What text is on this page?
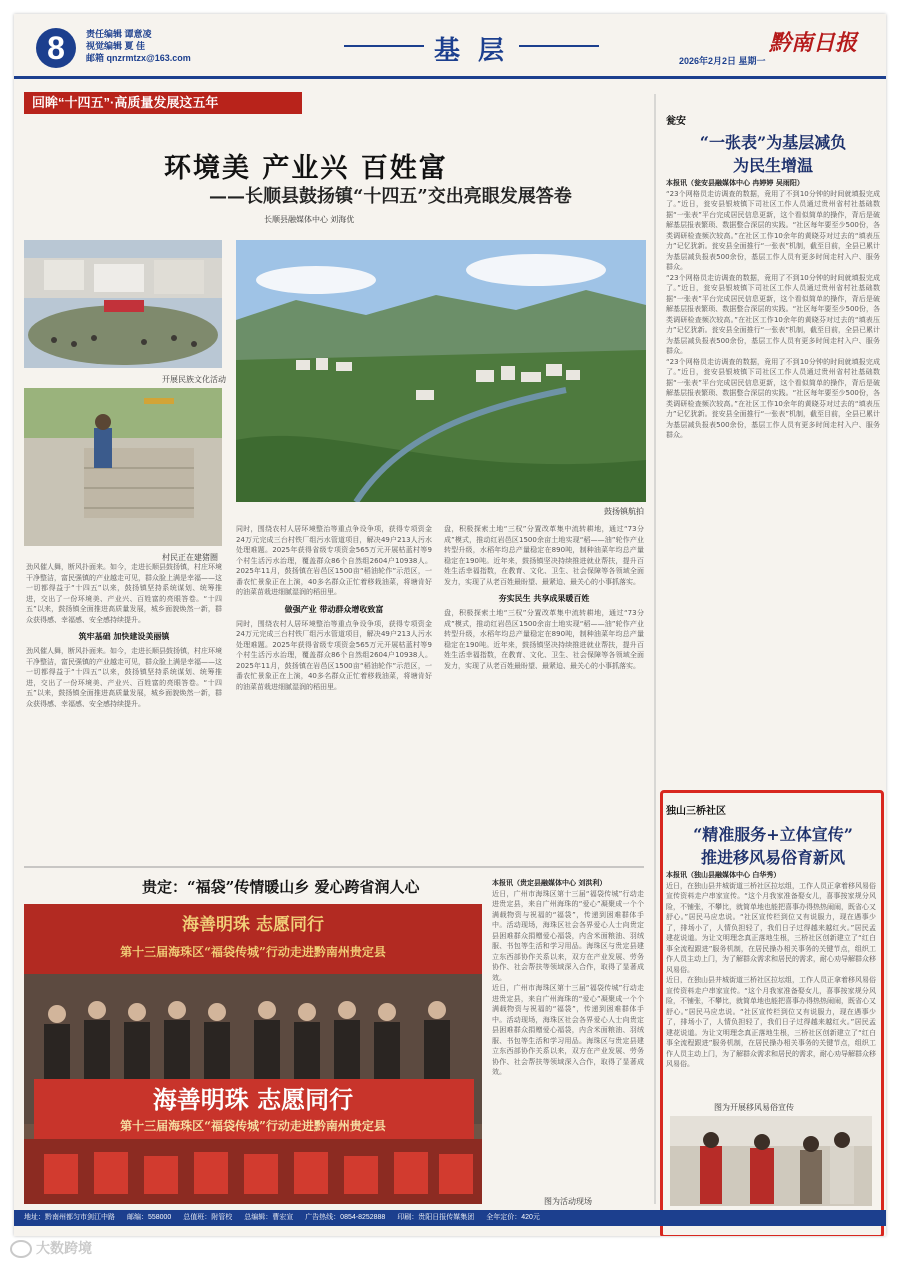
8	责任编辑 谭意凌
视觉编辑 夏 佳
邮箱 qnzrmtzx@163.com	基层	2026年2月2日 星期一
黔南日报
回眸“十四五”·高质量发展这五年
环境美 产业兴 百姓富
——长顺县鼓扬镇“十四五”交出亮眼发展答卷
长顺县融媒体中心 刘海优
开展民族文化活动
村民正在建猪圈
鼓扬镇航拍
劲风催人舞，断风扑面来。如今，走进长顺县鼓扬镇，村庄环境干净整洁，富民强镇的产业越走可见，群众脸上满是幸福——这一切都得益于“十四五”以来，鼓扬镇坚持系统谋划、统筹推进，交出了一份环境美、产业兴、百姓富的亮眼答卷。“十四五”以来，鼓扬镇全面推进高质量发展，城乡面貌焕然一新，群众获得感、幸福感、安全感持续提升。
筑牢基础 加快建设美丽镇
劲风催人舞，断风扑面来。如今，走进长顺县鼓扬镇，村庄环境干净整洁，富民强镇的产业越走可见，群众脸上满是幸福——这一切都得益于“十四五”以来，鼓扬镇坚持系统谋划、统筹推进，交出了一份环境美、产业兴、百姓富的亮眼答卷。“十四五”以来，鼓扬镇全面推进高质量发展，城乡面貌焕然一新，群众获得感、幸福感、安全感持续提升。
同时，围绕农村人居环境整治等重点争设争项，获得专项资金24万元完成三台村铁厂组污水管道项目，解决49户213人污水处理难题。2025年获得省级专项资金565万元开展枯蓝村等9个村生活污水治理，覆盖群众86个自然组2604户10938人。2025年11月，鼓扬镇在岩邑区1500亩“稻油轮作”示范区，一番农忙景象正在上演，40多名群众正忙着移栽油菜，将塘肯好的油菜苗栽进细腻湿润的稻田里。
做强产业 带动群众增收致富
同时，围绕农村人居环境整治等重点争设争项，获得专项资金24万元完成三台村铁厂组污水管道项目，解决49户213人污水处理难题。2025年获得省级专项资金565万元开展枯蓝村等9个村生活污水治理，覆盖群众86个自然组2604户10938人。2025年11月，鼓扬镇在岩邑区1500亩“稻油轮作”示范区，一番农忙景象正在上演，40多名群众正忙着移栽油菜，将塘肯好的油菜苗栽进细腻湿润的稻田里。
盘，积极探索土地“三权”分置改革集中流转耕地，通过“73分成”模式，推动红岩邑区1500余亩土地实现“稻——油”轮作产业转型升级，水稻年均总产量稳定在890吨，制种油菜年均总产量稳定在190吨。近年来，鼓扬镇坚决持续推进就业帮扶，提升百姓生活幸福指数，在教育、文化、卫生、社会保障等各领域全面发力，实现了从老百姓最盼望、最紧迫、最关心的小事抓落实。
夯实民生 共享成果暖百姓
盘，积极探索土地“三权”分置改革集中流转耕地，通过“73分成”模式，推动红岩邑区1500余亩土地实现“稻——油”轮作产业转型升级，水稻年均总产量稳定在890吨，制种油菜年均总产量稳定在190吨。近年来，鼓扬镇坚决持续推进就业帮扶，提升百姓生活幸福指数，在教育、文化、卫生、社会保障等各领域全面发力，实现了从老百姓最盼望、最紧迫、最关心的小事抓落实。
瓮安
“一张表”为基层减负
为民生增温
本报讯（瓮安县融媒体中心 冉婷婷 吴雨阳）
“23个网格员走访调查的数据，竟用了不到10分钟的时间就填报完成了。”近日，瓮安县银坡镇下司社区工作人员通过贵州省村社基础数据“一张表”平台完成居民信息更新，这个看似简单的操作，背后是破解基层报表繁琐、数据整合深层的实践。“社区每年要至少500份，各类调研检查频次较高。”在社区工作10余年的黄晓芬对过去的“填表压力”记忆犹新。瓮安县全面推行“一张表”机制，截至目前，全县已累计为基层减负报表500余份，基层工作人员有更多时间走村入户、服务群众。
“23个网格员走访调查的数据，竟用了不到10分钟的时间就填报完成了。”近日，瓮安县银坡镇下司社区工作人员通过贵州省村社基础数据“一张表”平台完成居民信息更新，这个看似简单的操作，背后是破解基层报表繁琐、数据整合深层的实践。“社区每年要至少500份，各类调研检查频次较高。”在社区工作10余年的黄晓芬对过去的“填表压力”记忆犹新。瓮安县全面推行“一张表”机制，截至目前，全县已累计为基层减负报表500余份，基层工作人员有更多时间走村入户、服务群众。
“23个网格员走访调查的数据，竟用了不到10分钟的时间就填报完成了。”近日，瓮安县银坡镇下司社区工作人员通过贵州省村社基础数据“一张表”平台完成居民信息更新，这个看似简单的操作，背后是破解基层报表繁琐、数据整合深层的实践。“社区每年要至少500份，各类调研检查频次较高。”在社区工作10余年的黄晓芬对过去的“填表压力”记忆犹新。瓮安县全面推行“一张表”机制，截至目前，全县已累计为基层减负报表500余份，基层工作人员有更多时间走村入户、服务群众。
独山三桥社区
“精准服务+立体宣传”
推进移风易俗育新风
本报讯（独山县融媒体中心 白华秀）
近日，在独山县井城街道三桥社区拉坛组，工作人员正拿着移风易俗宣传资料走户串家宣传。“这个月我家准备娶女儿，喜事按家规分风险，不铺张，不攀比，就简单地也能把喜事办得热热闹闹，既省心又舒心。”居民马应忠说。“社区宣传栏到位又有说服力，现在遇事少了，排场小了，人情负担轻了，我们日子过得越来越红火。”居民孟建花说道。为让文明理念真正落地生根，三桥社区创新建立了“红白事全流程跟进”服务机制，在居民操办相关事务的关键节点，组织工作人员主动上门，为了解群众需求和居民的需求，耐心劝导解群众移风易俗。
近日，在独山县井城街道三桥社区拉坛组，工作人员正拿着移风易俗宣传资料走户串家宣传。“这个月我家准备娶女儿，喜事按家规分风险，不铺张，不攀比，就简单地也能把喜事办得热热闹闹，既省心又舒心。”居民马应忠说。“社区宣传栏到位又有说服力，现在遇事少了，排场小了，人情负担轻了，我们日子过得越来越红火。”居民孟建花说道。为让文明理念真正落地生根，三桥社区创新建立了“红白事全流程跟进”服务机制，在居民操办相关事务的关键节点，组织工作人员主动上门，为了解群众需求和居民的需求，耐心劝导解群众移风易俗。
图为开展移风易俗宣传
贵定：“福袋”传情暖山乡 爱心跨省润人心
海善明珠 志愿同行
第十三届海珠区“福袋传城”行动走进黔南州贵定县
海善明珠 志愿同行
第十三届海珠区“福袋传城”行动走进黔南州贵定县
本报讯（贵定县融媒体中心 刘洪利）
近日，广州市海珠区第十三届“福袋传城”行动走进贵定县，来自广州海珠的“爱心”凝聚成一个个满载物资与祝福的“福袋”，传递到困难群体手中。活动现场，海珠区社会各界爱心人士向贵定县困难群众捐赠爱心福袋，内含米面粮油、羽绒服、书包等生活和学习用品。海珠区与贵定县建立东西部协作关系以来，双方在产业发展、劳务协作、社会帮扶等领域深入合作，取得了显著成效。
近日，广州市海珠区第十三届“福袋传城”行动走进贵定县，来自广州海珠的“爱心”凝聚成一个个满载物资与祝福的“福袋”，传递到困难群体手中。活动现场，海珠区社会各界爱心人士向贵定县困难群众捐赠爱心福袋，内含米面粮油、羽绒服、书包等生活和学习用品。海珠区与贵定县建立东西部协作关系以来，双方在产业发展、劳务协作、社会帮扶等领域深入合作，取得了显著成效。
图为活动现场
地址：黔南州都匀市剑江中路 邮编：558000 总值班：附管校 总编辑：曹宏宣 广告热线：0854-8252888 印刷：贵阳日报传媒集团 全年定价：420元
大数跨境
